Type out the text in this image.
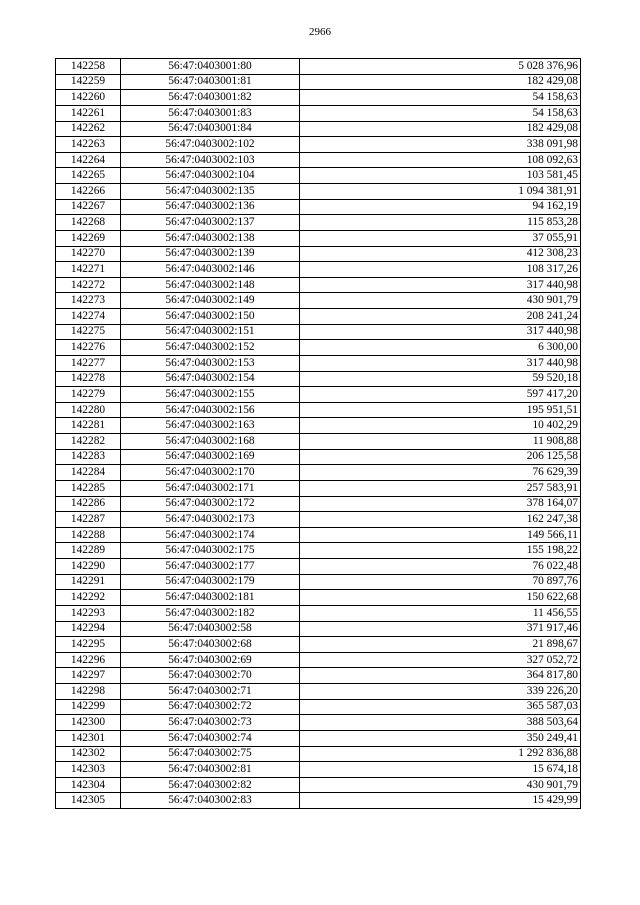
2966
142258	56:47:0403001:80	5 028 376,96
142259	56:47:0403001:81	182 429,08
142260	56:47:0403001:82	54 158,63
142261	56:47:0403001:83	54 158,63
142262	56:47:0403001:84	182 429,08
142263	56:47:0403002:102	338 091,98
142264	56:47:0403002:103	108 092,63
142265	56:47:0403002:104	103 581,45
142266	56:47:0403002:135	1 094 381,91
142267	56:47:0403002:136	94 162,19
142268	56:47:0403002:137	115 853,28
142269	56:47:0403002:138	37 055,91
142270	56:47:0403002:139	412 308,23
142271	56:47:0403002:146	108 317,26
142272	56:47:0403002:148	317 440,98
142273	56:47:0403002:149	430 901,79
142274	56:47:0403002:150	208 241,24
142275	56:47:0403002:151	317 440,98
142276	56:47:0403002:152	6 300,00
142277	56:47:0403002:153	317 440,98
142278	56:47:0403002:154	59 520,18
142279	56:47:0403002:155	597 417,20
142280	56:47:0403002:156	195 951,51
142281	56:47:0403002:163	10 402,29
142282	56:47:0403002:168	11 908,88
142283	56:47:0403002:169	206 125,58
142284	56:47:0403002:170	76 629,39
142285	56:47:0403002:171	257 583,91
142286	56:47:0403002:172	378 164,07
142287	56:47:0403002:173	162 247,38
142288	56:47:0403002:174	149 566,11
142289	56:47:0403002:175	155 198,22
142290	56:47:0403002:177	76 022,48
142291	56:47:0403002:179	70 897,76
142292	56:47:0403002:181	150 622,68
142293	56:47:0403002:182	11 456,55
142294	56:47:0403002:58	371 917,46
142295	56:47:0403002:68	21 898,67
142296	56:47:0403002:69	327 052,72
142297	56:47:0403002:70	364 817,80
142298	56:47:0403002:71	339 226,20
142299	56:47:0403002:72	365 587,03
142300	56:47:0403002:73	388 503,64
142301	56:47:0403002:74	350 249,41
142302	56:47:0403002:75	1 292 836,88
142303	56:47:0403002:81	15 674,18
142304	56:47:0403002:82	430 901,79
142305	56:47:0403002:83	15 429,99
